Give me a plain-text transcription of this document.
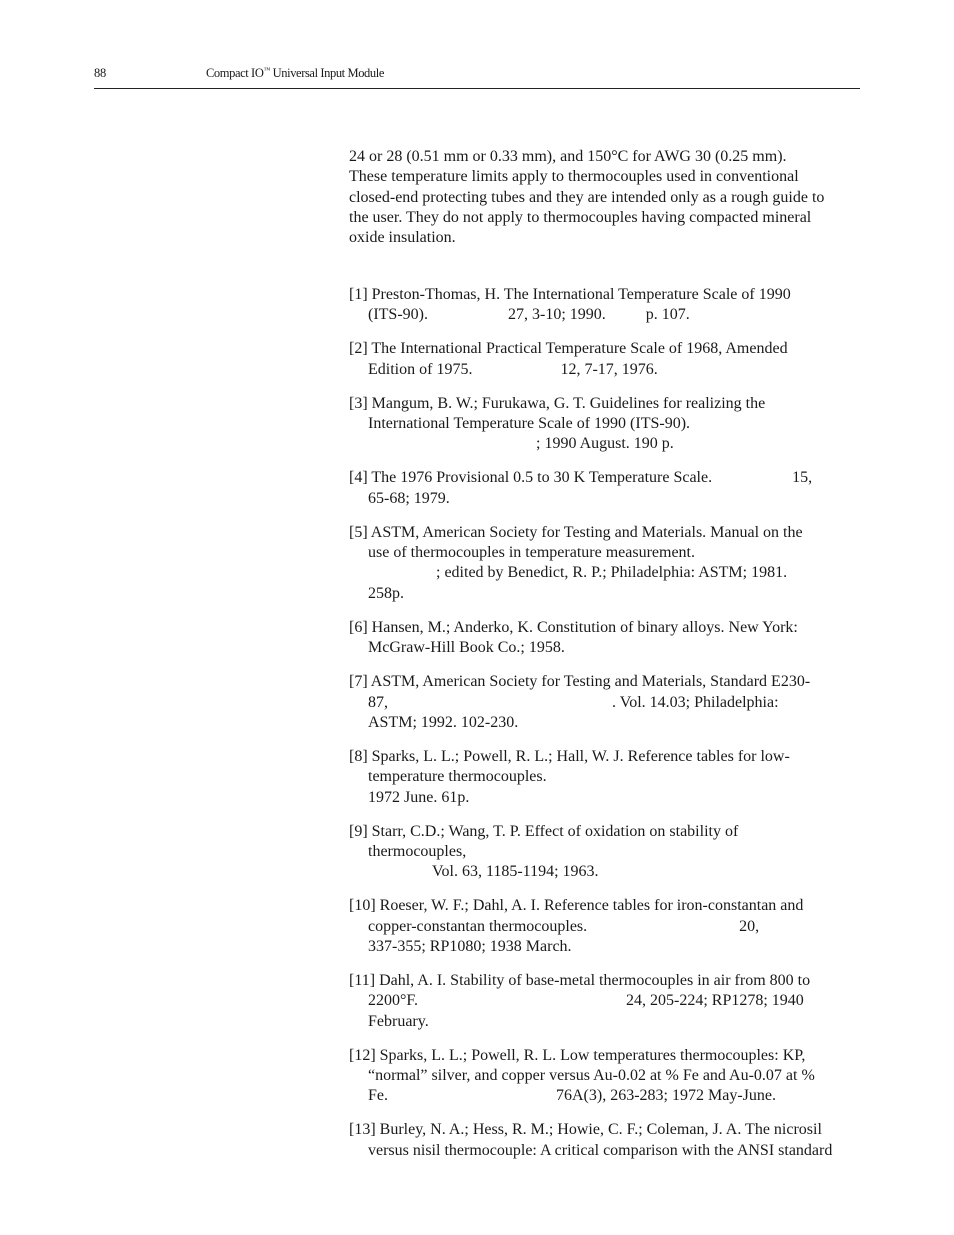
88	Compact IO™ Universal Input Module

24 or 28 (0.51 mm or 0.33 mm), and 150°C for AWG 30 (0.25 mm).

These temperature limits apply to thermocouples used in conventional

closed-end protecting tubes and they are intended only as a rough guide to

the user. They do not apply to thermocouples having compacted mineral

oxide insulation.

[1] Preston-Thomas, H. The International Temperature Scale of 1990
(ITS-90).                    27, 3-10; 1990.          p. 107.

[2] The International Practical Temperature Scale of 1968, Amended
Edition of 1975.                      12, 7-17, 1976.

[3] Mangum, B. W.; Furukawa, G. T. Guidelines for realizing the
International Temperature Scale of 1990 (ITS-90).
; 1990 August. 190 p.

[4] The 1976 Provisional 0.5 to 30 K Temperature Scale.                    15,
65-68; 1979.

[5] ASTM, American Society for Testing and Materials. Manual on the
use of thermocouples in temperature measurement.
; edited by Benedict, R. P.; Philadelphia: ASTM; 1981.
258p.

[6] Hansen, M.; Anderko, K. Constitution of binary alloys. New York:
McGraw-Hill Book Co.; 1958.

[7] ASTM, American Society for Testing and Materials, Standard E230-
87,                                                        . Vol. 14.03; Philadelphia:
ASTM; 1992. 102-230.

[8] Sparks, L. L.; Powell, R. L.; Hall, W. J. Reference tables for low-
temperature thermocouples.
1972 June. 61p.

[9] Starr, C.D.; Wang, T. P. Effect of oxidation on stability of
thermocouples,
Vol. 63, 1185-1194; 1963.

[10] Roeser, W. F.; Dahl, A. I. Reference tables for iron-constantan and
copper-constantan thermocouples.                                      20,
337-355; RP1080; 1938 March.

[11] Dahl, A. I. Stability of base-metal thermocouples in air from 800 to
2200°F.                                                    24, 205-224; RP1278; 1940
February.

[12] Sparks, L. L.; Powell, R. L. Low temperatures thermocouples: KP,
“normal” silver, and copper versus Au-0.02 at % Fe and Au-0.07 at %
Fe.                                          76A(3), 263-283; 1972 May-June.

[13] Burley, N. A.; Hess, R. M.; Howie, C. F.; Coleman, J. A. The nicrosil
versus nisil thermocouple: A critical comparison with the ANSI standard
